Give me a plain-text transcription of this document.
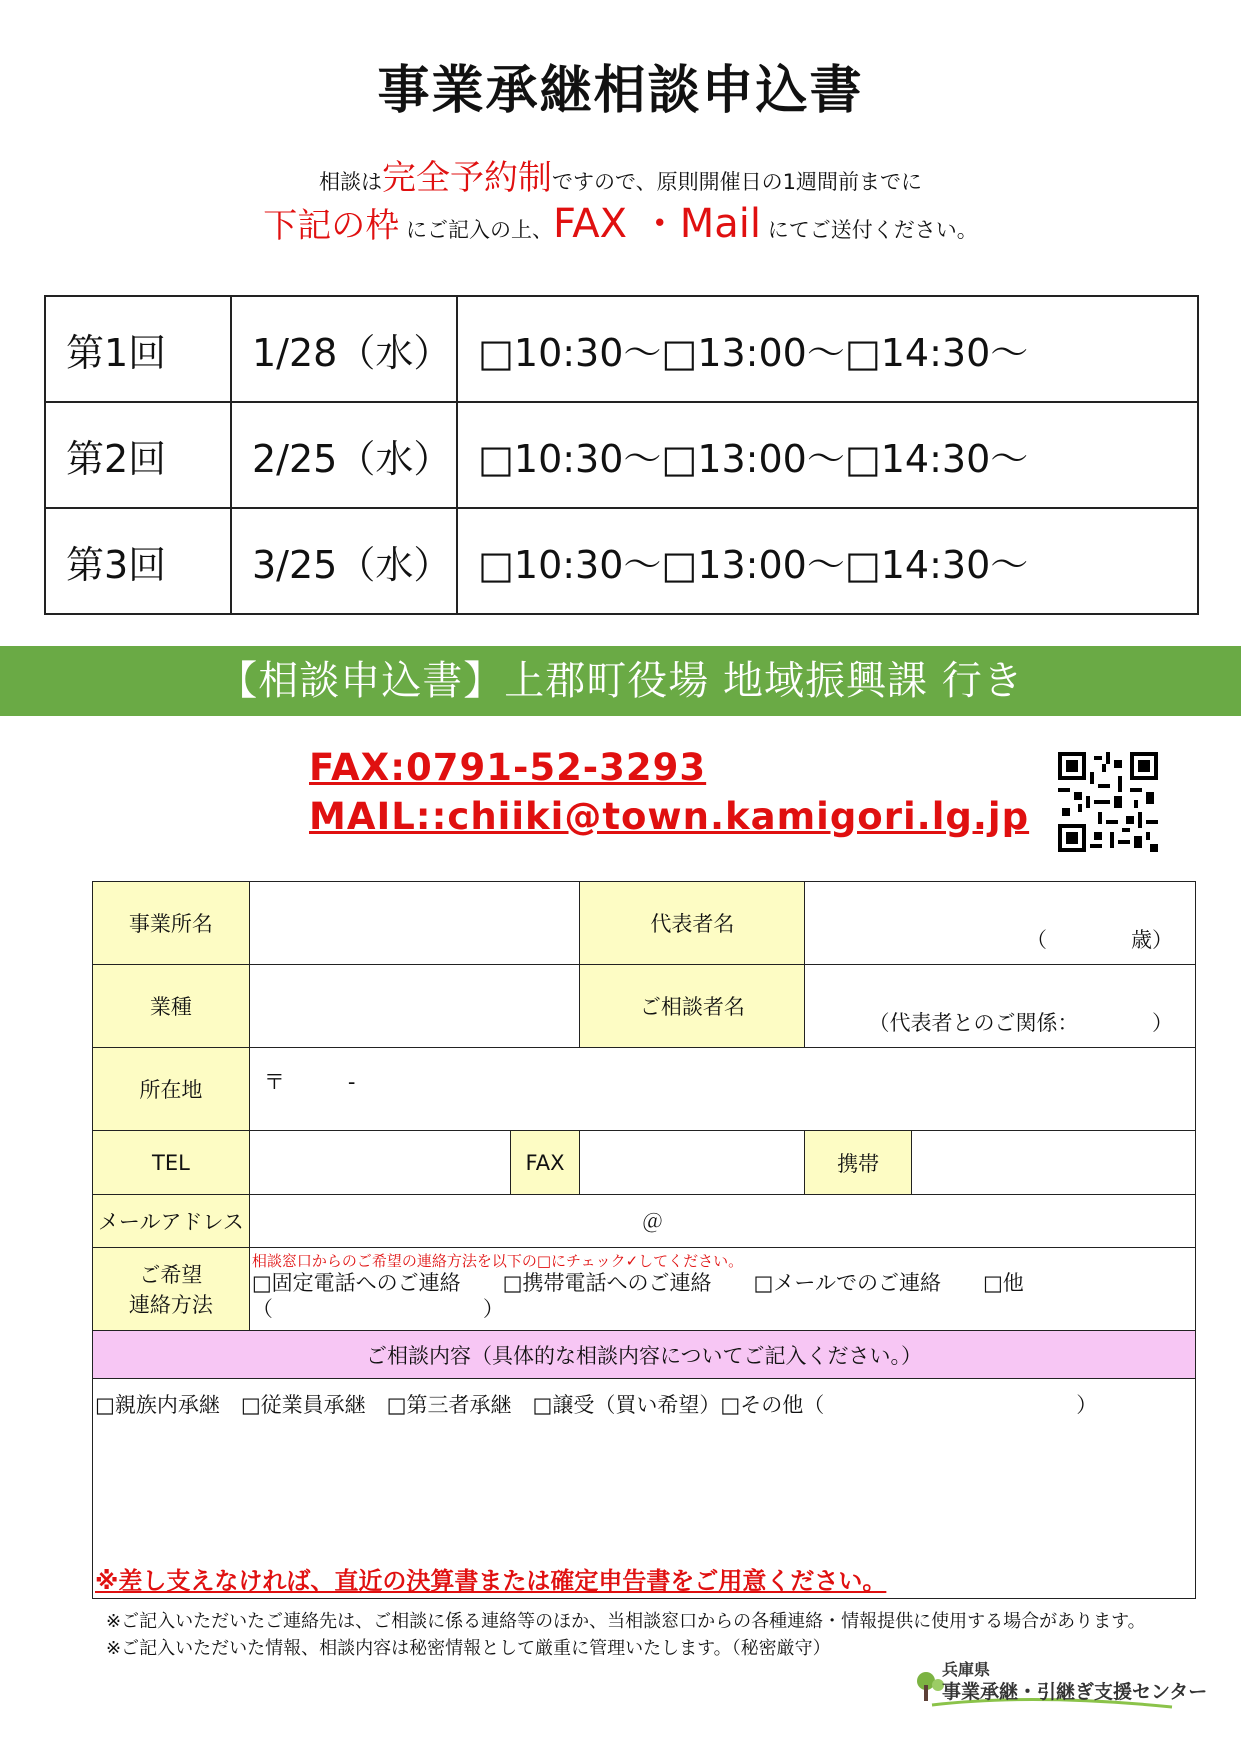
事業承継相談申込書
相談は完全予約制ですので、原則開催日の1週間前までに
下記の枠 にご記入の上、FAX ・Mail にてご送付ください。
第1回	1/28（水）	□10:30～□13:00～□14:30～
第2回	2/25（水）	□10:30～□13:00～□14:30～
第3回	3/25（水）	□10:30～□13:00～□14:30～
【相談申込書】上郡町役場 地域振興課 行き
FAX:0791-52-3293
MAIL::chiiki@town.kamigori.lg.jp
事業所名			代表者名	（　　　　歳）	
業種			ご相談者名	（代表者とのご関係：　　　　）	
所在地	〒　　　-				
TEL		FAX		携帯	
メールアドレス	＠				
ご希望
連絡方法	相談窓口からのご希望の連絡方法を以下の□にチェック✓してください。
□固定電話へのご連絡　　□携帯電話へのご連絡　　□メールでのご連絡　　□他
（　　　　　　　　　　）				
ご相談内容（具体的な相談内容についてご記入ください。）					

□親族内承継　□従業員承継　□第三者承継　□譲受（買い希望）□その他（　　　　　　　　　　　　）
※差し支えなければ、直近の決算書または確定申告書をご用意ください。					
※ご記入いただいたご連絡先は、ご相談に係る連絡等のほか、当相談窓口からの各種連絡・情報提供に使用する場合があります。
※ご記入いただいた情報、相談内容は秘密情報として厳重に管理いたします。（秘密厳守）
兵庫県
事業承継・引継ぎ支援センター
